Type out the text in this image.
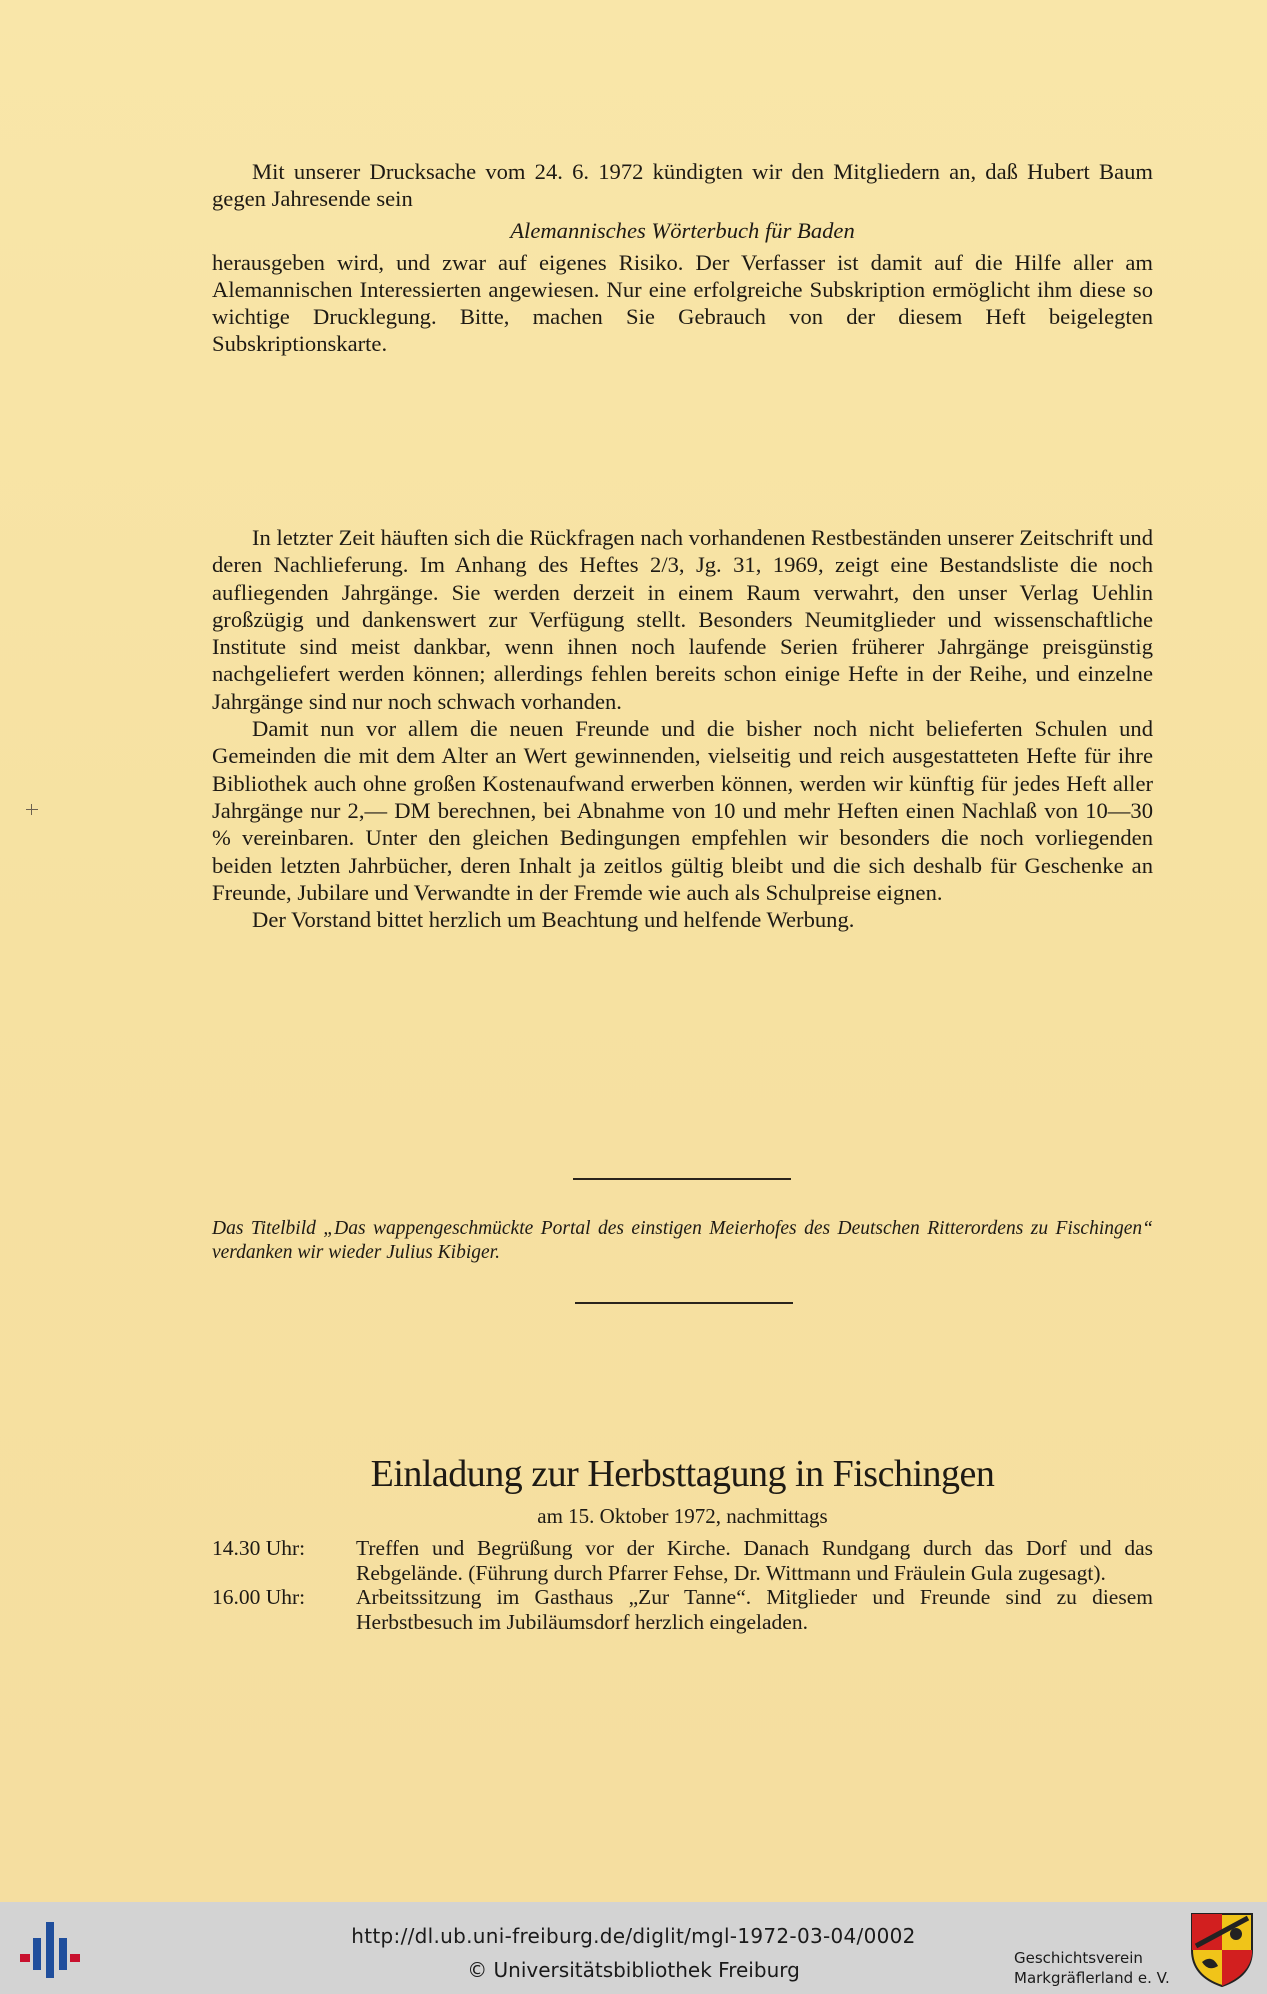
Mit unserer Drucksache vom 24. 6. 1972 kündigten wir den Mitgliedern an, daß Hubert Baum gegen Jahresende sein

Alemannisches Wörterbuch für Baden

herausgeben wird, und zwar auf eigenes Risiko. Der Verfasser ist damit auf die Hilfe aller am Alemannischen Interessierten angewiesen. Nur eine erfolgreiche Subskription ermöglicht ihm diese so wichtige Drucklegung. Bitte, machen Sie Gebrauch von der diesem Heft beigelegten Subskriptionskarte.

In letzter Zeit häuften sich die Rückfragen nach vorhandenen Restbeständen unserer Zeitschrift und deren Nachlieferung. Im Anhang des Heftes 2/3, Jg. 31, 1969, zeigt eine Bestandsliste die noch aufliegenden Jahrgänge. Sie werden derzeit in einem Raum verwahrt, den unser Verlag Uehlin großzügig und dankenswert zur Verfügung stellt. Besonders Neumitglieder und wissenschaftliche Institute sind meist dankbar, wenn ihnen noch laufende Serien früherer Jahrgänge preisgünstig nachgeliefert werden können; allerdings fehlen bereits schon einige Hefte in der Reihe, und einzelne Jahrgänge sind nur noch schwach vorhanden.

Damit nun vor allem die neuen Freunde und die bisher noch nicht belieferten Schulen und Gemeinden die mit dem Alter an Wert gewinnenden, vielseitig und reich ausgestatteten Hefte für ihre Bibliothek auch ohne großen Kostenaufwand erwerben können, werden wir künftig für jedes Heft aller Jahrgänge nur 2,— DM berechnen, bei Abnahme von 10 und mehr Heften einen Nachlaß von 10—30 % vereinbaren. Unter den gleichen Bedingungen empfehlen wir besonders die noch vorliegenden beiden letzten Jahrbücher, deren Inhalt ja zeitlos gültig bleibt und die sich deshalb für Geschenke an Freunde, Jubilare und Verwandte in der Fremde wie auch als Schulpreise eignen.

Der Vorstand bittet herzlich um Beachtung und helfende Werbung.

Das Titelbild „Das wappengeschmückte Portal des einstigen Meierhofes des Deutschen Ritterordens zu Fischingen“ verdanken wir wieder Julius Kibiger.

Einladung zur Herbsttagung in Fischingen
am 15. Oktober 1972, nachmittags
14.30 Uhr:	Treffen und Begrüßung vor der Kirche. Danach Rundgang durch das Dorf und das Rebgelände. (Führung durch Pfarrer Fehse, Dr. Wittmann und Fräulein Gula zugesagt).
16.00 Uhr:	Arbeitssitzung im Gasthaus „Zur Tanne“. Mitglieder und Freunde sind zu diesem Herbstbesuch im Jubiläumsdorf herzlich eingeladen.
http://dl.ub.uni-freiburg.de/diglit/mgl-1972-03-04/0002
© Universitätsbibliothek Freiburg	Geschichtsverein
Markgräflerland e. V.
